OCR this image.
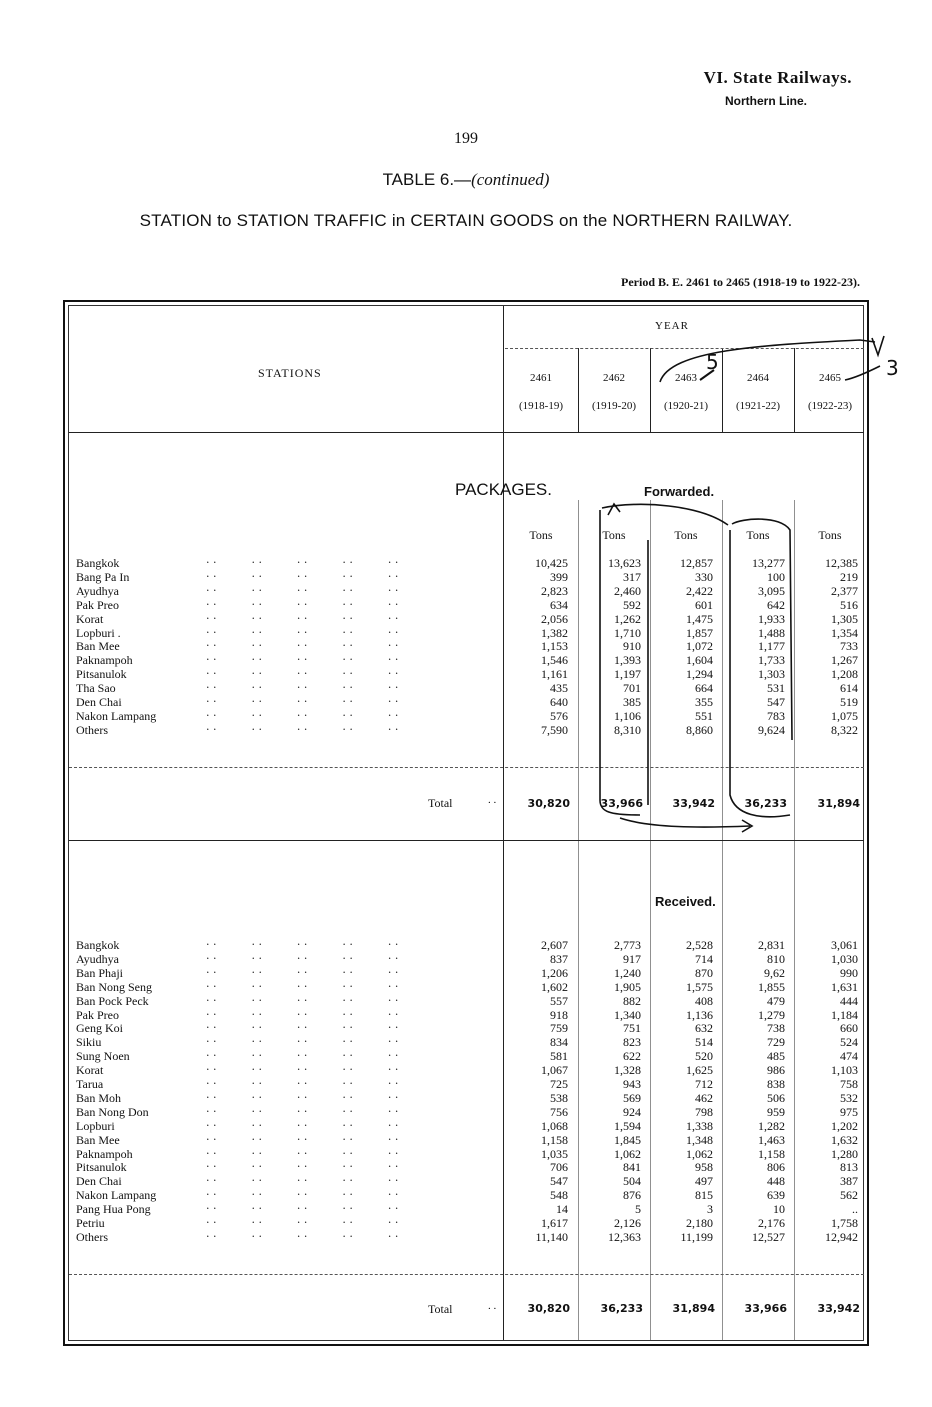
VI. State Railways.
Northern Line.
199
TABLE 6.—(continued)
STATION to STATION TRAFFIC in CERTAIN GOODS on the NORTHERN RAILWAY.
Period B. E. 2461 to 2465 (1918-19 to 1922-23).
YEAR
STATIONS	2461	2462	2463	2464	2465
(1918-19)	(1919-20)	(1920-21)	(1921-22)	(1922-23)
PACKAGES.	Forwarded.
Tons	Tons	Tons	Tons	Tons
Bangkok	. .          . .          . .          . .          . .	10,425	13,623	12,857	13,277	12,385
Bang Pa In	. .          . .          . .          . .          . .	399	317	330	100	219
Ayudhya	. .          . .          . .          . .          . .	2,823	2,460	2,422	3,095	2,377
Pak Preo	. .          . .          . .          . .          . .	634	592	601	642	516
Korat	. .          . .          . .          . .          . .	2,056	1,262	1,475	1,933	1,305
Lopburi .	. .          . .          . .          . .          . .	1,382	1,710	1,857	1,488	1,354
Ban Mee	. .          . .          . .          . .          . .	1,153	910	1,072	1,177	733
Paknampoh	. .          . .          . .          . .          . .	1,546	1,393	1,604	1,733	1,267
Pitsanulok	. .          . .          . .          . .          . .	1,161	1,197	1,294	1,303	1,208
Tha Sao	. .          . .          . .          . .          . .	435	701	664	531	614
Den Chai	. .          . .          . .          . .          . .	640	385	355	547	519
Nakon Lampang	. .          . .          . .          . .          . .	576	1,106	551	783	1,075
Others	. .          . .          . .          . .          . .	7,590	8,310	8,860	9,624	8,322
Total	. .	30,820	33,966	33,942	36,233	31,894
Received.
Bangkok	. .          . .          . .          . .          . .	2,607	2,773	2,528	2,831	3,061
Ayudhya	. .          . .          . .          . .          . .	837	917	714	810	1,030
Ban Phaji	. .          . .          . .          . .          . .	1,206	1,240	870	9,62	990
Ban Nong Seng	. .          . .          . .          . .          . .	1,602	1,905	1,575	1,855	1,631
Ban Pock Peck	. .          . .          . .          . .          . .	557	882	408	479	444
Pak Preo	. .          . .          . .          . .          . .	918	1,340	1,136	1,279	1,184
Geng Koi	. .          . .          . .          . .          . .	759	751	632	738	660
Sikiu	. .          . .          . .          . .          . .	834	823	514	729	524
Sung Noen	. .          . .          . .          . .          . .	581	622	520	485	474
Korat	. .          . .          . .          . .          . .	1,067	1,328	1,625	986	1,103
Tarua	. .          . .          . .          . .          . .	725	943	712	838	758
Ban Moh	. .          . .          . .          . .          . .	538	569	462	506	532
Ban Nong Don	. .          . .          . .          . .          . .	756	924	798	959	975
Lopburi	. .          . .          . .          . .          . .	1,068	1,594	1,338	1,282	1,202
Ban Mee	. .          . .          . .          . .          . .	1,158	1,845	1,348	1,463	1,632
Paknampoh	. .          . .          . .          . .          . .	1,035	1,062	1,062	1,158	1,280
Pitsanulok	. .          . .          . .          . .          . .	706	841	958	806	813
Den Chai	. .          . .          . .          . .          . .	547	504	497	448	387
Nakon Lampang	. .          . .          . .          . .          . .	548	876	815	639	562
Pang Hua Pong	. .          . .          . .          . .          . .	14	5	3	10	..
Petriu	. .          . .          . .          . .          . .	1,617	2,126	2,180	2,176	1,758
Others	. .          . .          . .          . .          . .	11,140	12,363	11,199	12,527	12,942
Total	. .	30,820	36,233	31,894	33,966	33,942
5	3
